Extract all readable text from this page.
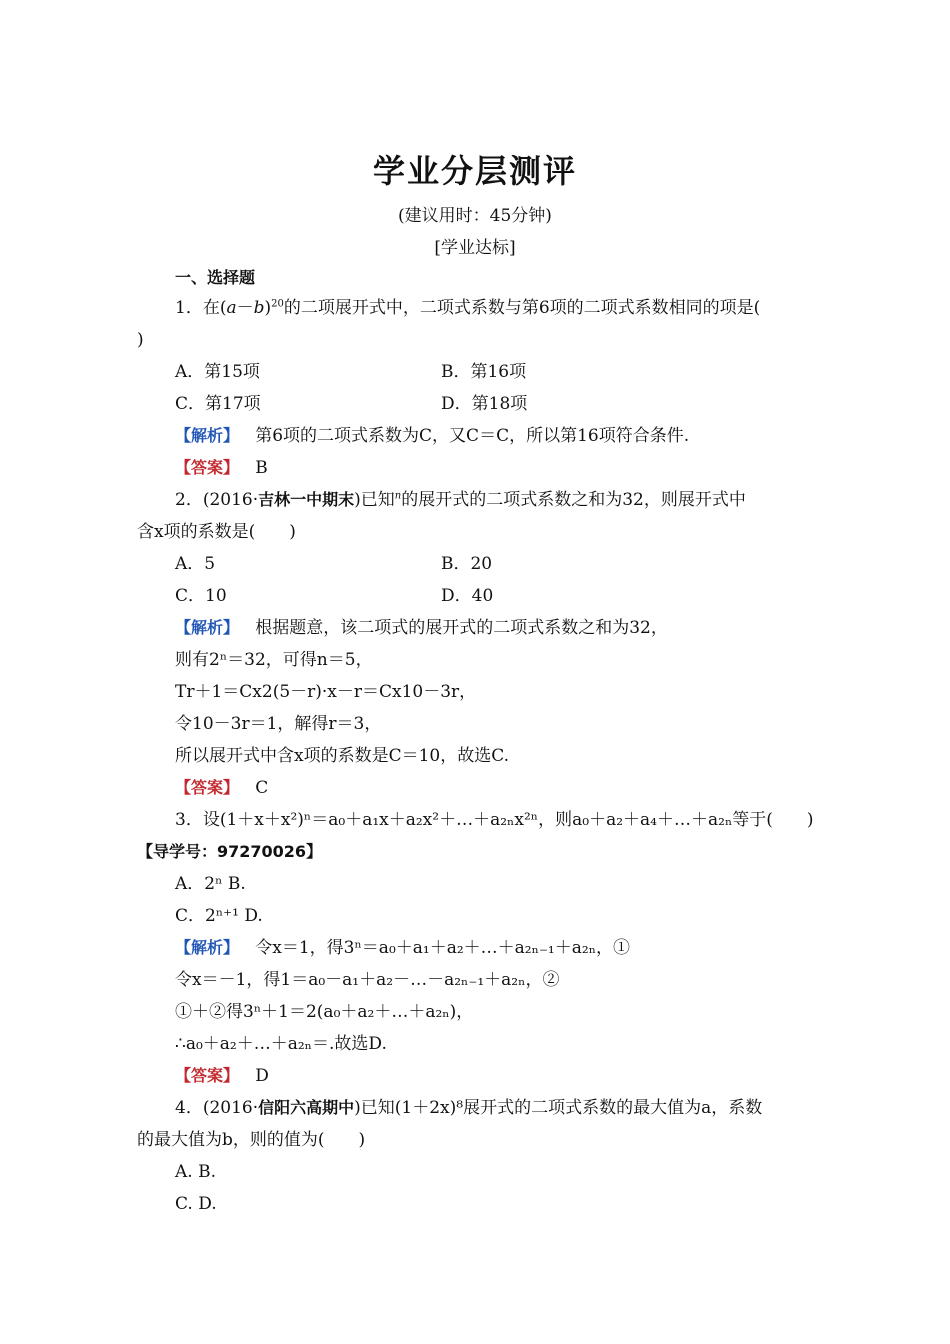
学业分层测评
(建议用时：45分钟)
[学业达标]
一、选择题
1．在$(a-b)^{20}$的二项展开式中，二项式系数与第6项的二项式系数相同的项是(
)
A．第15项	B．第16项
C．第17项	D．第18项
【解析】 第6项的二项式系数为C，又C＝C，所以第16项符合条件.
【答案】 B
2．(2016·吉林一中期末)已知$^n$的展开式的二项式系数之和为32，则展开式中
含x项的系数是(　　)
A．5	B．20
C．10	D．40
【解析】 根据题意，该二项式的展开式的二项式系数之和为32，
则有2ⁿ＝32，可得n＝5，
Tr＋1＝Cx2(5－r)·x－r＝Cx10－3r，
令10－3r＝1，解得r＝3，
所以展开式中含x项的系数是C＝10，故选C.
【答案】 C
3．设(1＋x＋x²)ⁿ＝a₀＋a₁x＋a₂x²＋…＋a₂ₙx²ⁿ，则a₀＋a₂＋a₄＋…＋a₂ₙ等于(　　)
【导学号：97270026】
A．2ⁿ B.
C．2ⁿ⁺¹ D.
【解析】 令x＝1，得3ⁿ＝a₀＋a₁＋a₂＋…＋a₂ₙ₋₁＋a₂ₙ，①
令x＝－1，得1＝a₀－a₁＋a₂－…－a₂ₙ₋₁＋a₂ₙ，②
①＋②得3ⁿ＋1＝2(a₀＋a₂＋…＋a₂ₙ)，
∴a₀＋a₂＋…＋a₂ₙ＝.故选D.
【答案】 D
4．(2016·信阳六高期中)已知(1＋2x)⁸展开式的二项式系数的最大值为a，系数
的最大值为b，则的值为(　　)
A. B.
C. D.
